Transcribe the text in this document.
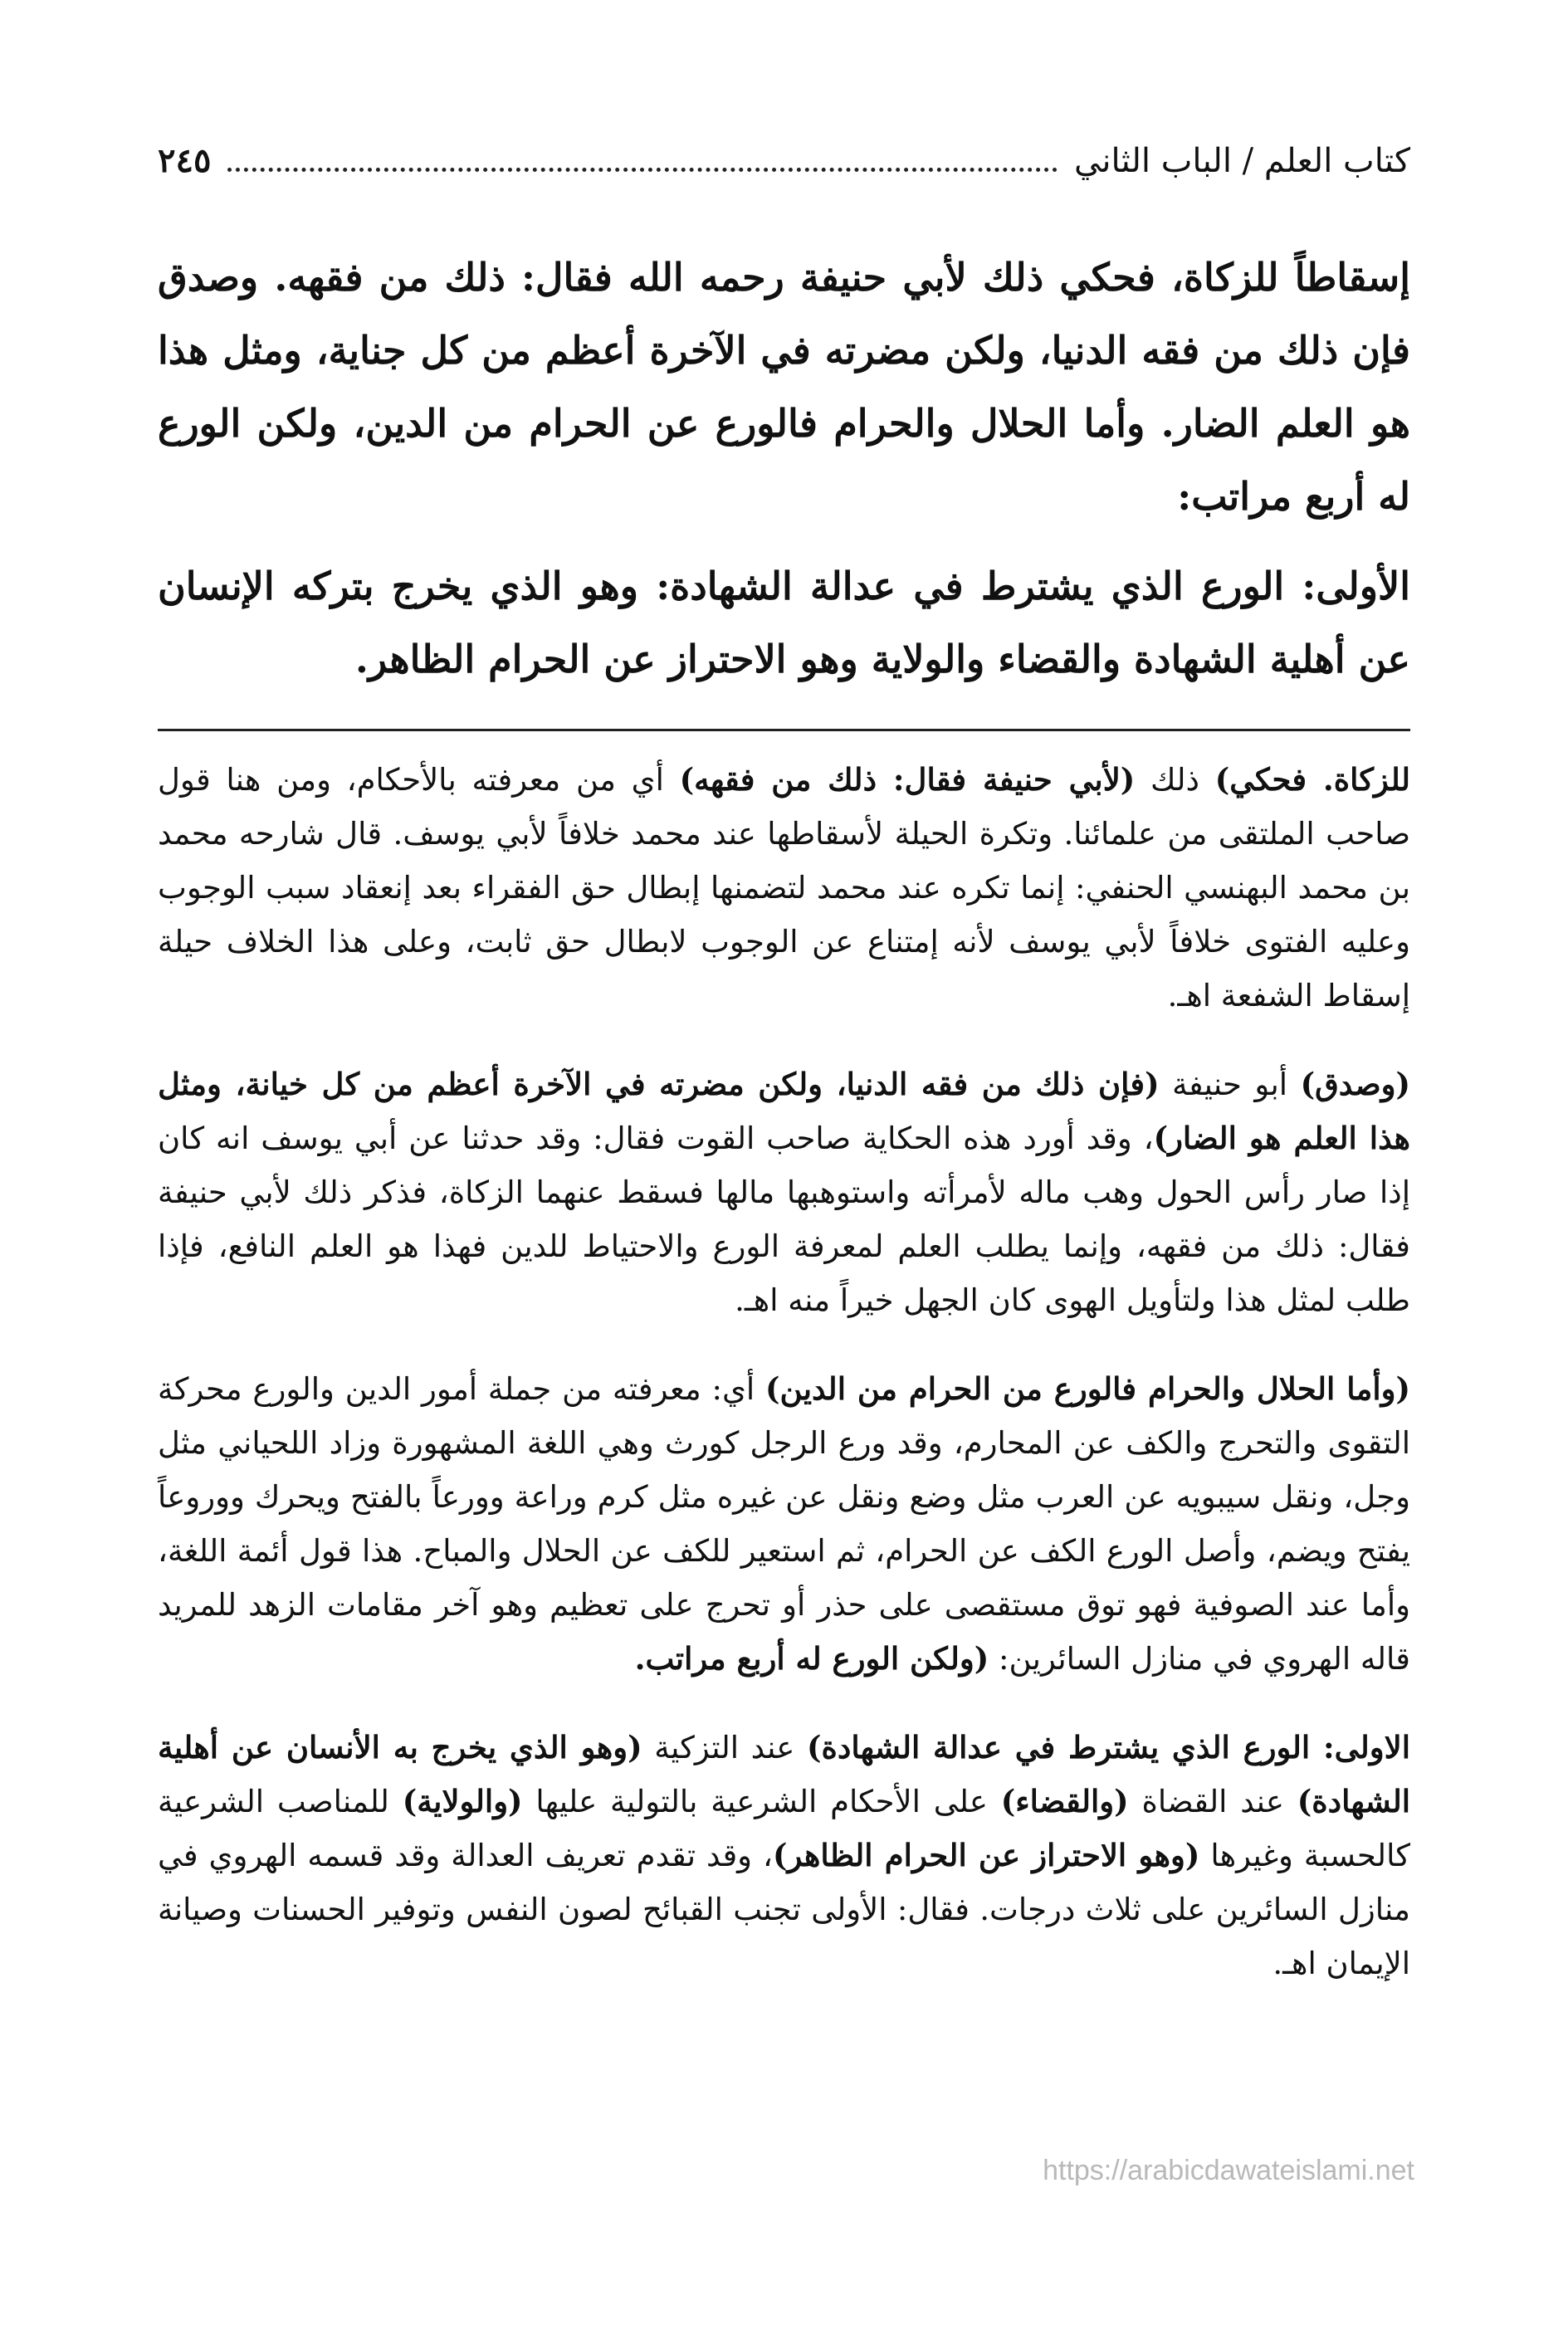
كتاب العلم / الباب الثاني
٢٤٥

إسقاطاً للزكاة، فحكي ذلك لأبي حنيفة رحمه الله فقال: ذلك من فقهه. وصدق فإن ذلك من فقه الدنيا، ولكن مضرته في الآخرة أعظم من كل جناية، ومثل هذا هو العلم الضار. وأما الحلال والحرام فالورع عن الحرام من الدين، ولكن الورع له أربع مراتب:

الأولى: الورع الذي يشترط في عدالة الشهادة: وهو الذي يخرج بتركه الإنسان عن أهلية الشهادة والقضاء والولاية وهو الاحتراز عن الحرام الظاهر.

للزكاة. فحكي) ذلك (لأبي حنيفة فقال: ذلك من فقهه) أي من معرفته بالأحكام، ومن هنا قول صاحب الملتقى من علمائنا. وتكرة الحيلة لأسقاطها عند محمد خلافاً لأبي يوسف. قال شارحه محمد بن محمد البهنسي الحنفي: إنما تكره عند محمد لتضمنها إبطال حق الفقراء بعد إنعقاد سبب الوجوب وعليه الفتوى خلافاً لأبي يوسف لأنه إمتناع عن الوجوب لابطال حق ثابت، وعلى هذا الخلاف حيلة إسقاط الشفعة اهـ.

(وصدق) أبو حنيفة (فإن ذلك من فقه الدنيا، ولكن مضرته في الآخرة أعظم من كل خيانة، ومثل هذا العلم هو الضار)، وقد أورد هذه الحكاية صاحب القوت فقال: وقد حدثنا عن أبي يوسف انه كان إذا صار رأس الحول وهب ماله لأمرأته واستوهبها مالها فسقط عنهما الزكاة، فذكر ذلك لأبي حنيفة فقال: ذلك من فقهه، وإنما يطلب العلم لمعرفة الورع والاحتياط للدين فهذا هو العلم النافع، فإذا طلب لمثل هذا ولتأويل الهوى كان الجهل خيراً منه اهـ.

(وأما الحلال والحرام فالورع من الحرام من الدين) أي: معرفته من جملة أمور الدين والورع محركة التقوى والتحرج والكف عن المحارم، وقد ورع الرجل كورث وهي اللغة المشهورة وزاد اللحياني مثل وجل، ونقل سيبويه عن العرب مثل وضع ونقل عن غيره مثل كرم وراعة وورعاً بالفتح ويحرك ووروعاً يفتح ويضم، وأصل الورع الكف عن الحرام، ثم استعير للكف عن الحلال والمباح. هذا قول أئمة اللغة، وأما عند الصوفية فهو توق مستقصى على حذر أو تحرج على تعظيم وهو آخر مقامات الزهد للمريد قاله الهروي في منازل السائرين: (ولكن الورع له أربع مراتب.

الاولى: الورع الذي يشترط في عدالة الشهادة) عند التزكية (وهو الذي يخرج به الأنسان عن أهلية الشهادة) عند القضاة (والقضاء) على الأحكام الشرعية بالتولية عليها (والولاية) للمناصب الشرعية كالحسبة وغيرها (وهو الاحتراز عن الحرام الظاهر)، وقد تقدم تعريف العدالة وقد قسمه الهروي في منازل السائرين على ثلاث درجات. فقال: الأولى تجنب القبائح لصون النفس وتوفير الحسنات وصيانة الإيمان اهـ.

https://arabicdawateislami.net
